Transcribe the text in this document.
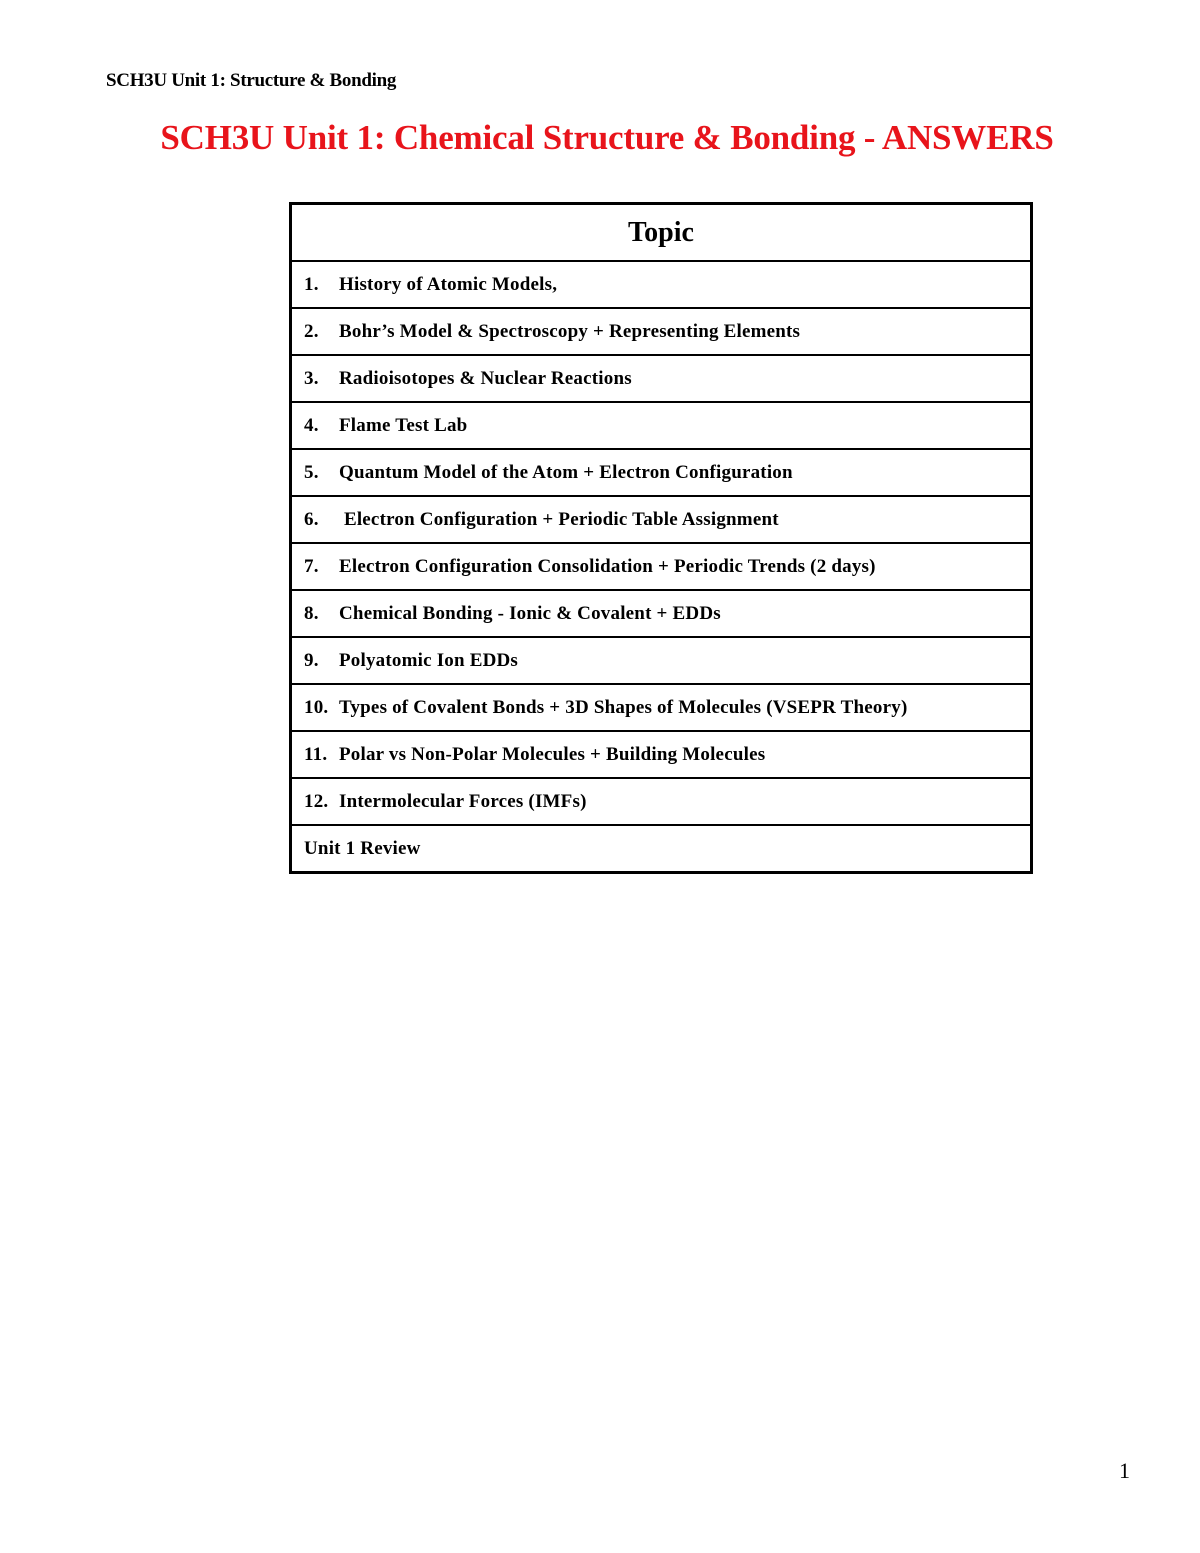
SCH3U Unit 1: Structure & Bonding
SCH3U Unit 1: Chemical Structure & Bonding - ANSWERS
Topic
1. History of Atomic Models,
2. Bohr’s Model & Spectroscopy + Representing Elements
3. Radioisotopes & Nuclear Reactions
4. Flame Test Lab
5. Quantum Model of the Atom + Electron Configuration
6. Electron Configuration + Periodic Table Assignment
7. Electron Configuration Consolidation + Periodic Trends (2 days)
8. Chemical Bonding - Ionic & Covalent + EDDs
9. Polyatomic Ion EDDs
10. Types of Covalent Bonds + 3D Shapes of Molecules (VSEPR Theory)
11. Polar vs Non-Polar Molecules + Building Molecules
12. Intermolecular Forces (IMFs)
Unit 1 Review
1
